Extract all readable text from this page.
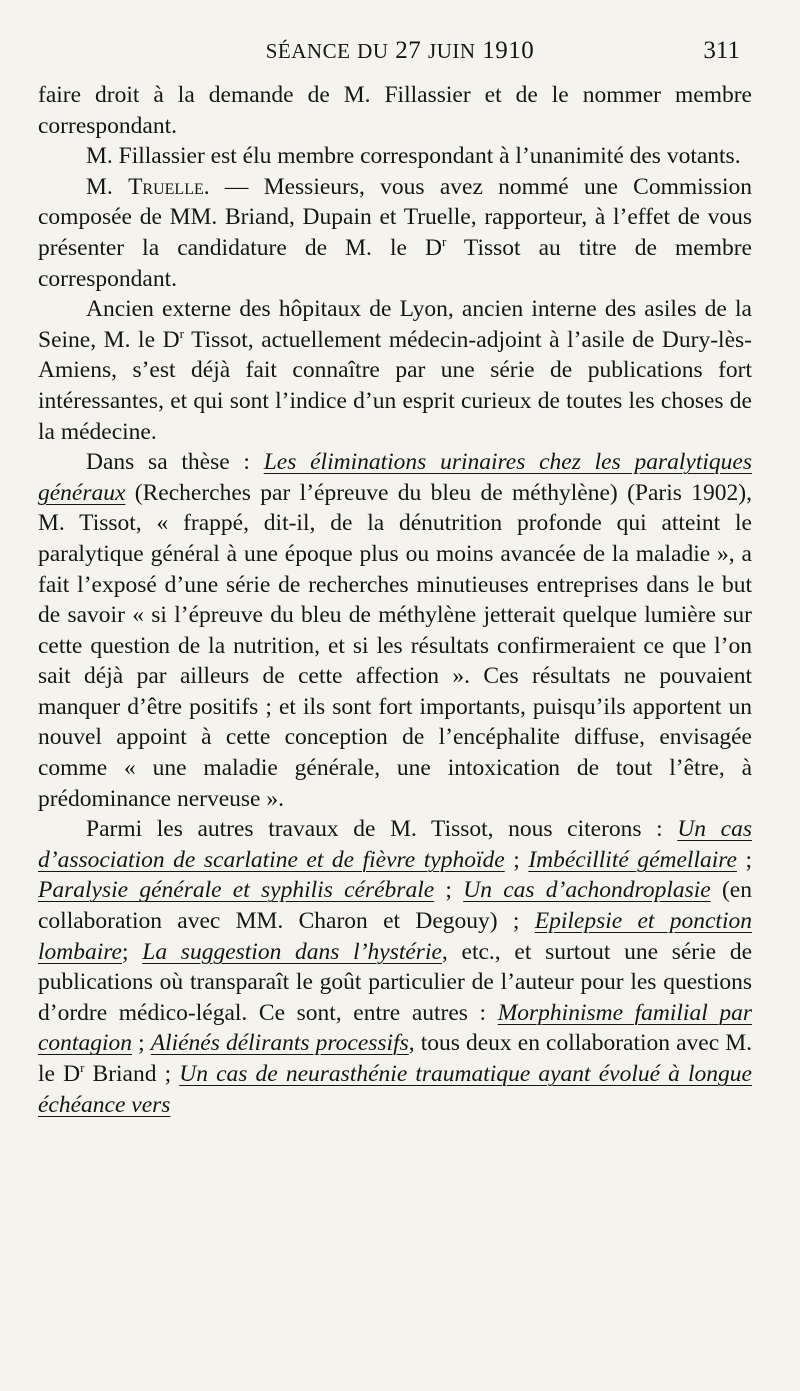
SÉANCE DU 27 JUIN 1910	311

faire droit à la demande de M. Fillassier et de le nommer membre correspondant.

M. Fillassier est élu membre correspondant à l’unanimité des votants.

M. Truelle. — Messieurs, vous avez nommé une Commission composée de MM. Briand, Dupain et Truelle, rapporteur, à l’effet de vous présenter la candidature de M. le $D^r$ Tissot au titre de membre correspondant.

Ancien externe des hôpitaux de Lyon, ancien interne des asiles de la Seine, M. le $D^r$ Tissot, actuellement médecin-adjoint à l’asile de Dury-lès-Amiens, s’est déjà fait connaître par une série de publications fort intéressantes, et qui sont l’indice d’un esprit curieux de toutes les choses de la médecine.

Dans sa thèse : Les éliminations urinaires chez les paralytiques généraux (Recherches par l’épreuve du bleu de méthylène) (Paris 1902), M. Tissot, « frappé, dit-il, de la dénutrition profonde qui atteint le paralytique général à une époque plus ou moins avancée de la maladie », a fait l’exposé d’une série de recherches minutieuses entreprises dans le but de savoir « si l’épreuve du bleu de méthylène jetterait quelque lumière sur cette question de la nutrition, et si les résultats confirmeraient ce que l’on sait déjà par ailleurs de cette affection ». Ces résultats ne pouvaient manquer d’être positifs ; et ils sont fort importants, puisqu’ils apportent un nouvel appoint à cette conception de l’encéphalite diffuse, envisagée comme « une maladie générale, une intoxication de tout l’être, à prédominance nerveuse ».

Parmi les autres travaux de M. Tissot, nous citerons : Un cas d’association de scarlatine et de fièvre typhoïde ; Imbécillité gémellaire ; Paralysie générale et syphilis cérébrale ; Un cas d’achondroplasie (en collaboration avec MM. Charon et Degouy) ; Epilepsie et ponction lombaire; La suggestion dans l’hystérie, etc., et surtout une série de publications où transparaît le goût particulier de l’auteur pour les questions d’ordre médico-légal. Ce sont, entre autres : Morphinisme familial par contagion ; Aliénés délirants processifs, tous deux en collaboration avec M. le $D^r$ Briand ; Un cas de neurasthénie traumatique ayant évolué à longue échéance vers
